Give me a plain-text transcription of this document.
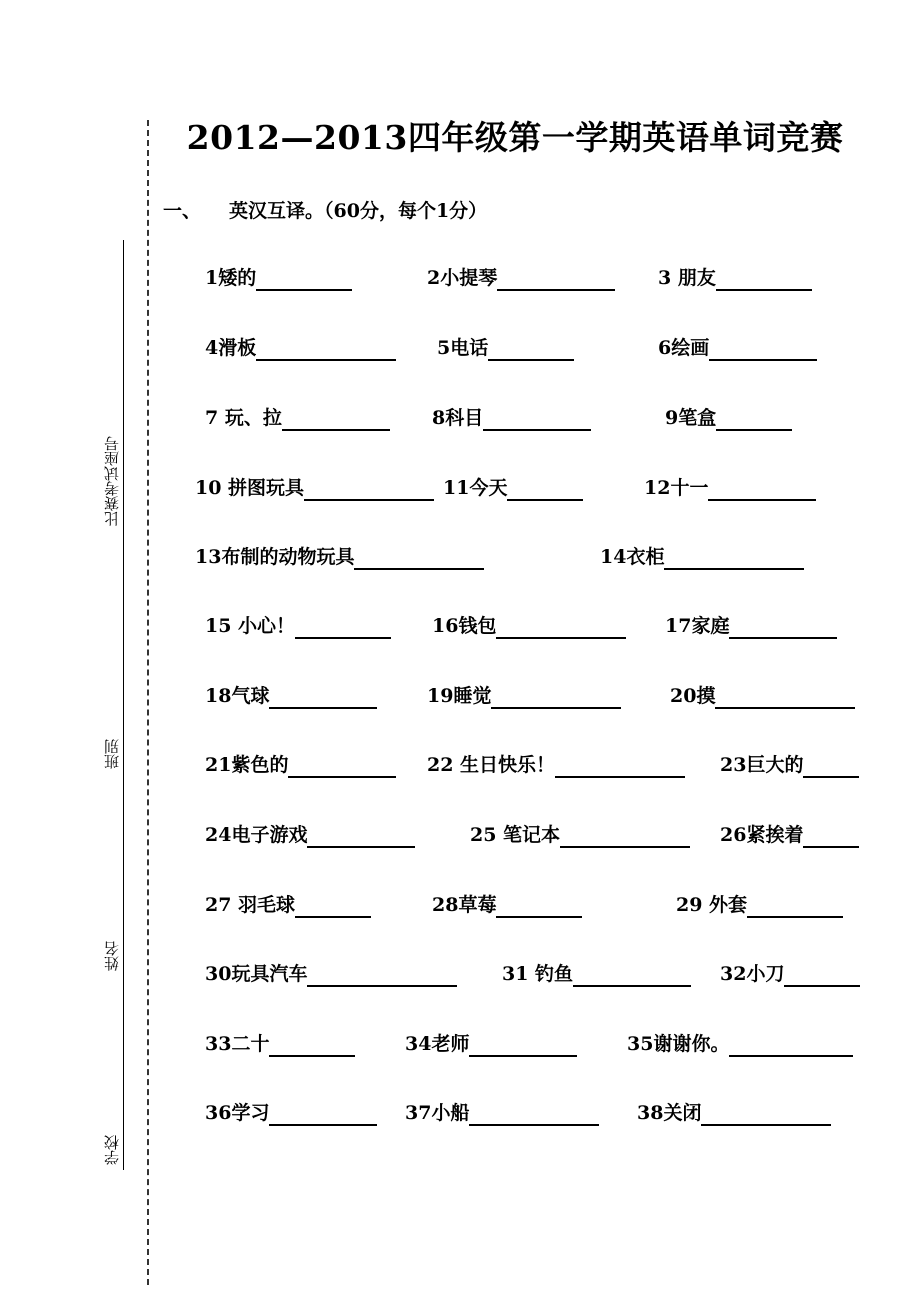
比赛考试座号
班别
姓名
学校
2012—2013四年级第一学期英语单词竞赛
一、 英汉互译。（60分，每个1分）
1矮的	2小提琴	3 朋友
4滑板	5电话	6绘画
7 玩、拉	8科目	9笔盒
10 拼图玩具	11今天	12十一
13布制的动物玩具	14衣柜
15 小心！	16钱包	17家庭
18气球	19睡觉	20摸
21紫色的	22 生日快乐！	23巨大的
24电子游戏	25 笔记本	26紧挨着
27 羽毛球	28草莓	29 外套
30玩具汽车	31 钓鱼	32小刀
33二十	34老师	35谢谢你。
36学习	37小船	38关闭
